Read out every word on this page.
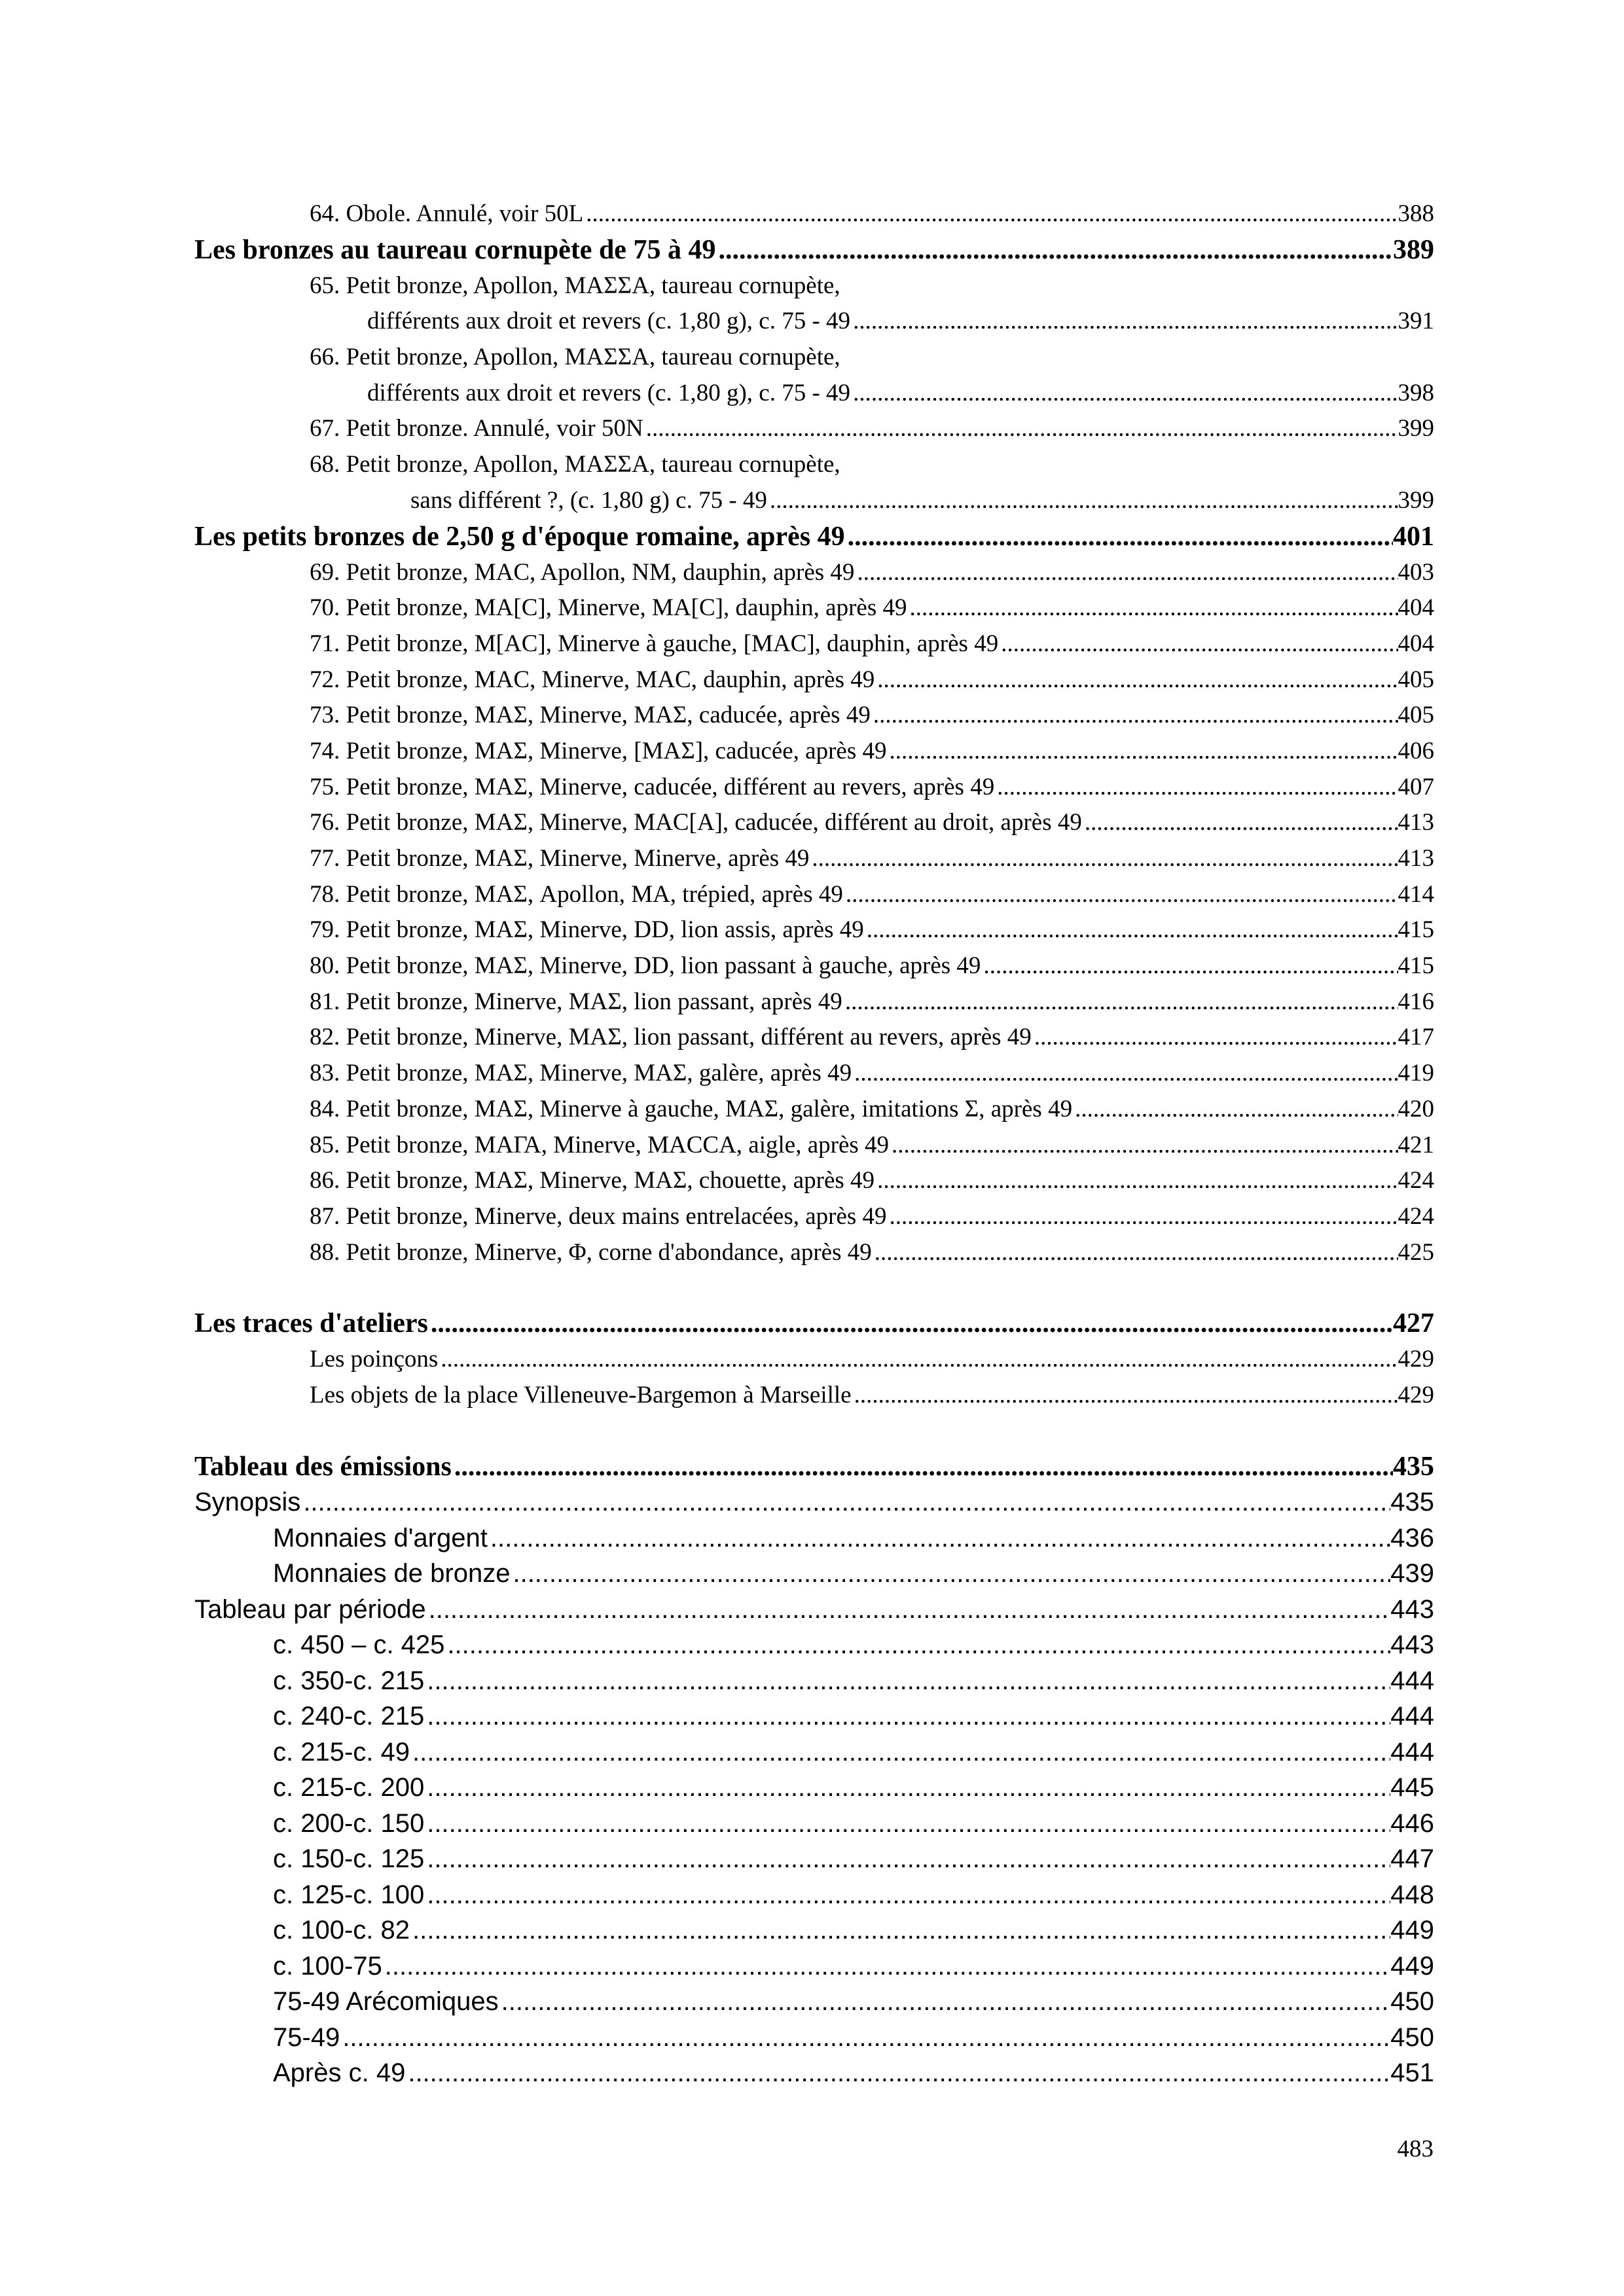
64. Obole. Annulé, voir 50L .....	388
Les bronzes au taureau cornupète de 75 à 49 .....	389
65. Petit bronze, Apollon, ΜΑΣΣΑ, taureau cornupète,
différents aux droit et revers (c. 1,80 g), c. 75 - 49 .....	391
66. Petit bronze, Apollon, ΜΑΣΣΑ, taureau cornupète,
différents aux droit et revers (c. 1,80 g), c. 75 - 49 .....	398
67. Petit bronze. Annulé, voir 50N .....	399
68. Petit bronze, Apollon, ΜΑΣΣΑ, taureau cornupète,
sans différent ?, (c. 1,80 g) c. 75 - 49 .....	399
Les petits bronzes de 2,50 g d'époque romaine, après 49 .....	401
69. Petit bronze, MAC, Apollon, NM, dauphin, après 49 .....	403
70. Petit bronze, MA[C], Minerve, MA[C], dauphin, après 49 .....	404
71. Petit bronze, M[AC], Minerve à gauche, [MAC], dauphin, après 49 .....	404
72. Petit bronze, MAC, Minerve, MAC, dauphin, après 49 .....	405
73. Petit bronze, ΜΑΣ, Minerve, ΜΑΣ, caducée, après 49 .....	405
74. Petit bronze, ΜΑΣ, Minerve, [ΜΑΣ], caducée, après 49 .....	406
75. Petit bronze, ΜΑΣ, Minerve, caducée, différent au revers, après 49 .....	407
76. Petit bronze, ΜΑΣ, Minerve, MAC[A], caducée, différent au droit, après 49 .....	413
77. Petit bronze, ΜΑΣ, Minerve, Minerve, après 49 .....	413
78. Petit bronze, ΜΑΣ, Apollon, MA, trépied, après 49 .....	414
79. Petit bronze, ΜΑΣ, Minerve, DD, lion assis, après 49 .....	415
80. Petit bronze, ΜΑΣ, Minerve, DD, lion passant à gauche, après 49 .....	415
81. Petit bronze, Minerve, ΜΑΣ, lion passant, après 49 .....	416
82. Petit bronze, Minerve, ΜΑΣ, lion passant, différent au revers, après 49 .....	417
83. Petit bronze, ΜΑΣ, Minerve, ΜΑΣ, galère, après 49 .....	419
84. Petit bronze, ΜΑΣ, Minerve à gauche, ΜΑΣ, galère, imitations Σ, après 49 .....	420
85. Petit bronze, ΜΑΓΑ, Minerve, MACCA, aigle, après 49 .....	421
86. Petit bronze, ΜΑΣ, Minerve, ΜΑΣ, chouette, après 49 .....	424
87. Petit bronze, Minerve, deux mains entrelacées, après 49 .....	424
88. Petit bronze, Minerve, Φ, corne d'abondance, après 49 .....	425
Les traces d'ateliers .....	427
Les poinçons .....	429
Les objets de la place Villeneuve-Bargemon à Marseille .....	429
Tableau des émissions .....	435
Synopsis .....	435
Monnaies d'argent .....	436
Monnaies de bronze .....	439
Tableau par période .....	443
c. 450 – c. 425 .....	443
c. 350-c. 215 .....	444
c. 240-c. 215 .....	444
c. 215-c. 49 .....	444
c. 215-c. 200 .....	445
c. 200-c. 150 .....	446
c. 150-c. 125 .....	447
c. 125-c. 100 .....	448
c. 100-c. 82 .....	449
c. 100-75 .....	449
75-49 Arécomiques .....	450
75-49 .....	450
Après c. 49 .....	451
483
